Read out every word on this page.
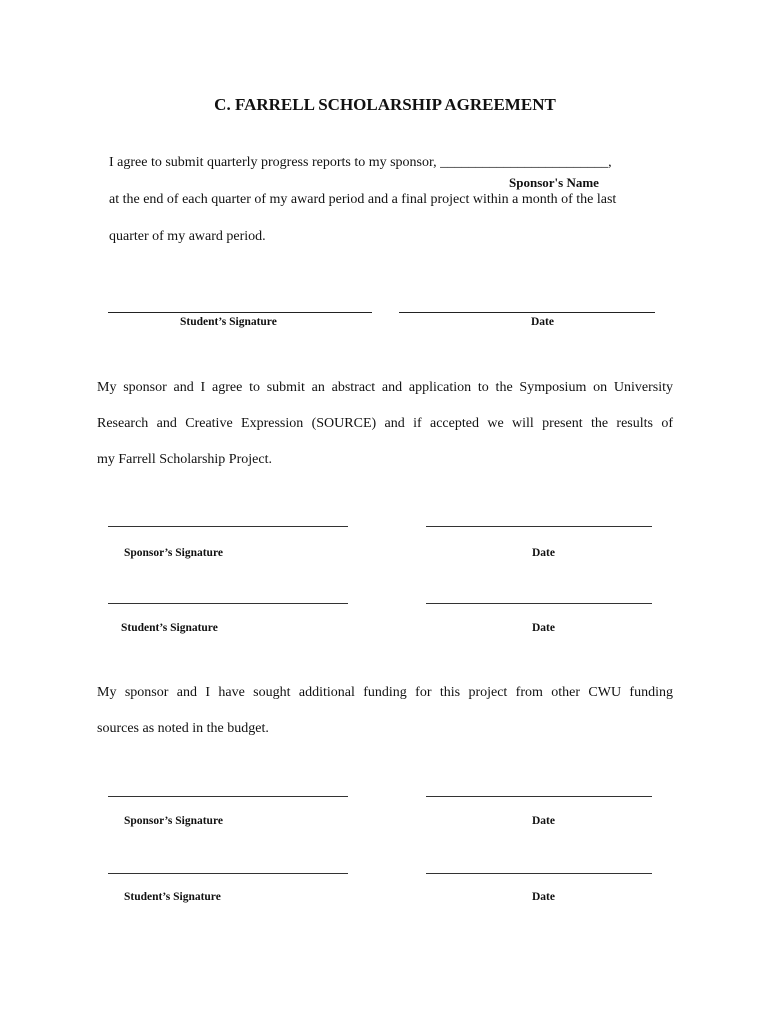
C. FARRELL SCHOLARSHIP AGREEMENT
I agree to submit quarterly progress reports to my sponsor, ________________________,
Sponsor's Name
at the end of each quarter of my award period and a final project within a month of the last
quarter of my award period.
Student’s Signature	Date
My sponsor and I agree to submit an abstract and application to the Symposium on University
Research and Creative Expression (SOURCE) and if accepted we will present the results of
my Farrell Scholarship Project.
Sponsor’s Signature	Date
Student’s Signature	Date
My sponsor and I have sought additional funding for this project from other CWU funding
sources as noted in the budget.
Sponsor’s Signature	Date
Student’s Signature	Date
